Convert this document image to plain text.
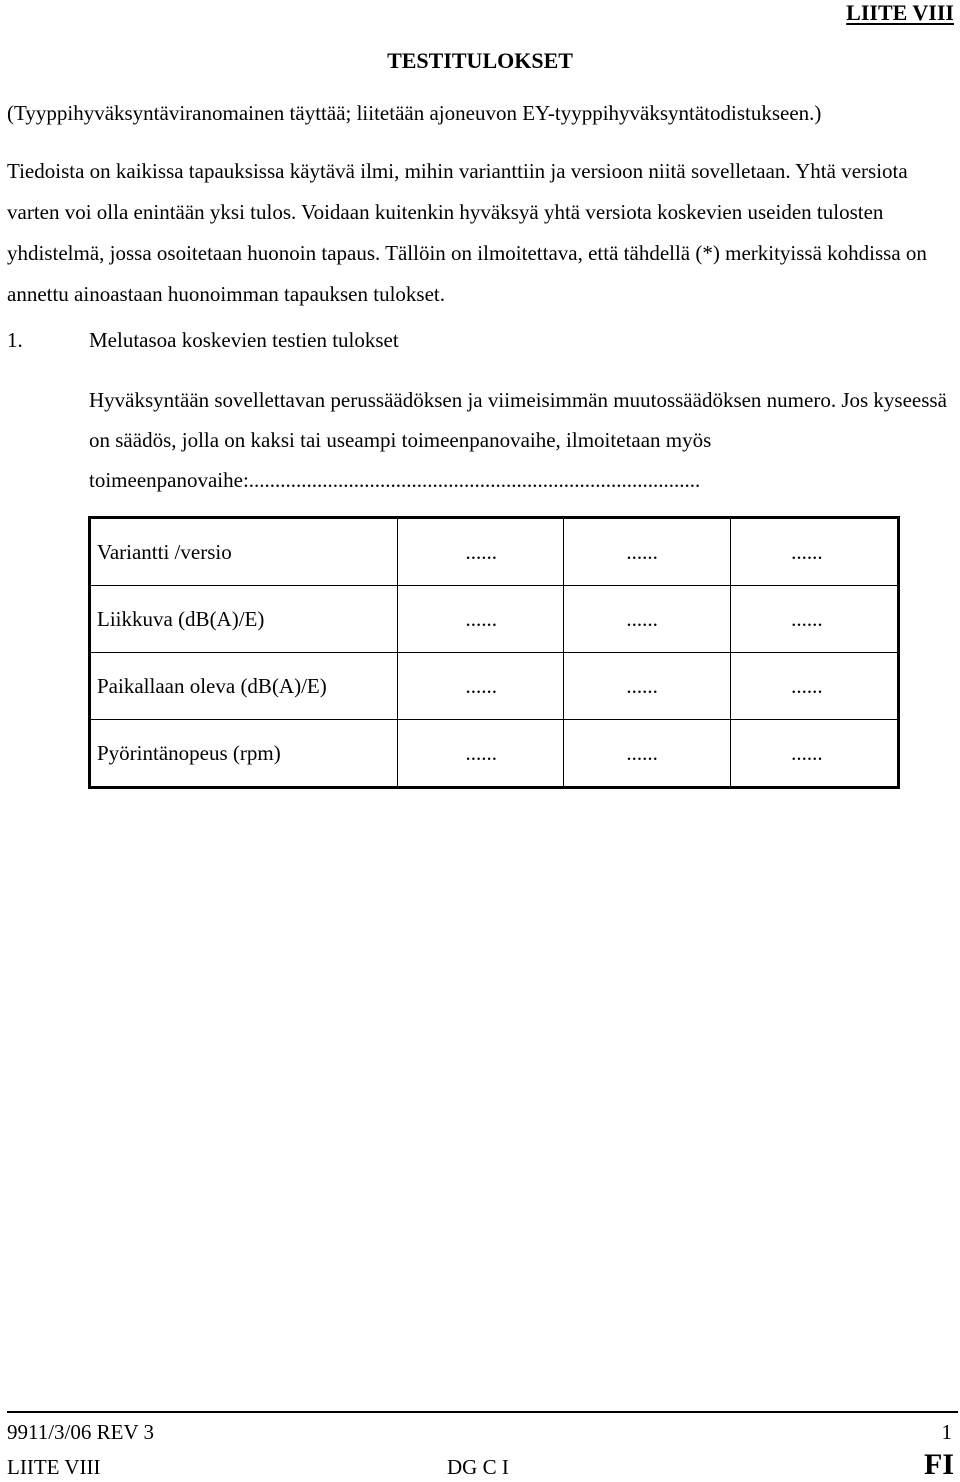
LIITE VIII
TESTITULOKSET
(Tyyppihyväksyntäviranomainen täyttää; liitetään ajoneuvon EY-tyyppihyväksyntätodistukseen.)
Tiedoista on kaikissa tapauksissa käytävä ilmi, mihin varianttiin ja versioon niitä sovelletaan. Yhtä versiota varten voi olla enintään yksi tulos. Voidaan kuitenkin hyväksyä yhtä versiota koskevien useiden tulosten yhdistelmä, jossa osoitetaan huonoin tapaus. Tällöin on ilmoitettava, että tähdellä (*) merkityissä kohdissa on annettu ainoastaan huonoimman tapauksen tulokset.
1.	Melutasoa koskevien testien tulokset
Hyväksyntään sovellettavan perussäädöksen ja viimeisimmän muutossäädöksen numero. Jos kyseessä on säädös, jolla on kaksi tai useampi toimeenpanovaihe, ilmoitetaan myös toimeenpanovaihe:......................................................................................
Variantti /versio	......	......	......
Liikkuva (dB(A)/E)	......	......	......
Paikallaan oleva (dB(A)/E)	......	......	......
Pyörintänopeus (rpm)	......	......	......
9911/3/06 REV 3	1
LIITE VIII	DG C I	FI
